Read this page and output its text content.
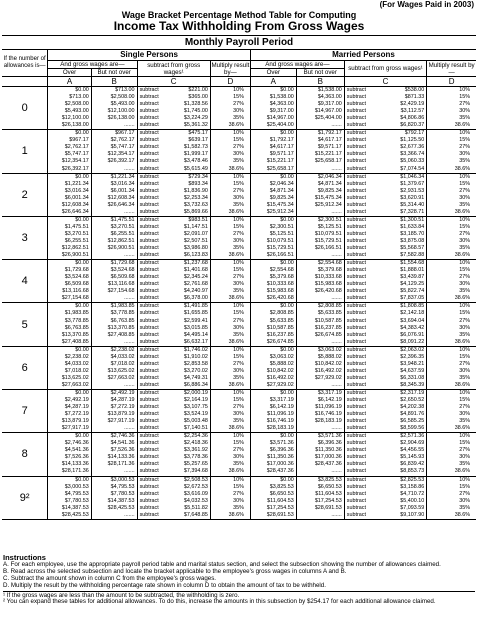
(For Wages Paid in 2003)
Wage Bracket Percentage Method Table for Computing
Income Tax Withholding From Gross Wages
Monthly Payroll Period
If the number of allowances is—	Single Persons					Married Persons				
	And gross wages are—		subtract from gross wages¹		Multiply result by—	And gross wages are—		subtract from gross wages¹		Multiply result by—
	Over	But not over				Over	But not over			
	A	B	C		D	A	B	C		D
0	$0.00	$713.00	subtract	$221.00	10%	$0.00	$1,538.00	subtract	$538.00	10%
	$713.00	$2,508.00	subtract	$365.00	15%	$1,538.00	$4,363.00	subtract	$871.33	15%
	$2,508.00	$5,493.00	subtract	$1,328.56	27%	$4,363.00	$9,317.00	subtract	$2,429.19	27%
	$5,493.00	$12,100.00	subtract	$1,745.00	30%	$9,317.00	$14,967.00	subtract	$3,112.57	30%
	$12,100.00	$26,138.00	subtract	$3,224.29	35%	$14,967.00	$25,404.00	subtract	$4,806.86	35%
	$26,138.00	.......	subtract	$5,361.32	38.6%	$25,404.00	.......	subtract	$6,820.37	38.6%
1	$0.00	$967.17	subtract	$475.17	10%	$0.00	$1,792.17	subtract	$792.17	10%
	$967.17	$2,762.17	subtract	$639.17	15%	$1,792.17	$4,617.17	subtract	$1,125.50	15%
	$2,762.17	$5,747.17	subtract	$1,582.73	27%	$4,617.17	$9,571.17	subtract	$2,677.36	27%
	$5,747.17	$12,354.17	subtract	$1,999.17	30%	$9,571.17	$15,221.17	subtract	$3,366.74	30%
	$12,354.17	$26,392.17	subtract	$3,478.46	35%	$15,221.17	$25,658.17	subtract	$5,060.33	35%
	$26,392.17	.......	subtract	$5,615.49	38.6%	$25,658.17	.......	subtract	$7,074.54	38.6%
2	$0.00	$1,221.34	subtract	$729.34	10%	$0.00	$2,046.34	subtract	$1,046.34	10%
	$1,221.34	$3,016.34	subtract	$893.34	15%	$2,046.34	$4,871.34	subtract	$1,379.67	15%
	$3,016.34	$6,001.34	subtract	$1,836.90	27%	$4,871.34	$9,825.34	subtract	$2,931.53	27%
	$6,001.34	$12,608.34	subtract	$2,253.34	30%	$9,825.34	$15,475.34	subtract	$3,620.91	30%
	$12,608.34	$26,646.34	subtract	$3,732.63	35%	$15,475.34	$25,912.34	subtract	$5,314.40	35%
	$26,646.34	.......	subtract	$5,869.66	38.6%	$25,912.34	.......	subtract	$7,328.71	38.6%
3	$0.00	$1,475.51	subtract	$983.51	10%	$0.00	$2,300.51	subtract	$1,300.51	10%
	$1,475.51	$3,270.51	subtract	$1,147.51	15%	$2,300.51	$5,125.51	subtract	$1,633.84	15%
	$3,270.51	$6,255.51	subtract	$2,091.07	27%	$5,125.51	$10,079.51	subtract	$3,185.70	27%
	$6,255.51	$12,862.51	subtract	$2,507.51	30%	$10,079.51	$15,729.51	subtract	$3,875.08	30%
	$12,862.51	$26,900.51	subtract	$3,986.80	35%	$15,729.51	$26,166.51	subtract	$5,568.57	35%
	$26,900.51	.......	subtract	$6,123.83	38.6%	$26,166.51	.......	subtract	$7,582.88	38.6%
4	$0.00	$1,729.68	subtract	$1,237.68	10%	$0.00	$2,554.68	subtract	$1,554.68	10%
	$1,729.68	$3,524.68	subtract	$1,401.68	15%	$2,554.68	$5,379.68	subtract	$1,888.01	15%
	$3,524.68	$6,509.68	subtract	$2,345.24	27%	$5,379.68	$10,333.68	subtract	$3,439.87	27%
	$6,509.68	$13,116.68	subtract	$2,761.68	30%	$10,333.68	$15,983.68	subtract	$4,129.25	30%
	$13,116.68	$27,154.68	subtract	$4,240.97	35%	$15,983.68	$26,420.68	subtract	$5,822.74	35%
	$27,154.68	.......	subtract	$6,378.00	38.6%	$26,420.68	.......	subtract	$7,837.05	38.6%
5	$0.00	$1,983.85	subtract	$1,491.85	10%	$0.00	$2,808.85	subtract	$1,808.85	10%
	$1,983.85	$3,778.85	subtract	$1,655.85	15%	$2,808.85	$5,633.85	subtract	$2,142.18	15%
	$3,778.85	$6,763.85	subtract	$2,599.41	27%	$5,633.85	$10,587.85	subtract	$3,694.04	27%
	$6,763.85	$13,370.85	subtract	$3,015.85	30%	$10,587.85	$16,237.85	subtract	$4,383.42	30%
	$13,370.85	$27,408.85	subtract	$4,495.14	35%	$16,237.85	$26,674.85	subtract	$6,076.91	35%
	$27,408.85	.......	subtract	$6,632.17	38.6%	$26,674.85	.......	subtract	$8,091.22	38.6%
6	$0.00	$2,238.02	subtract	$1,746.02	10%	$0.00	$3,063.02	subtract	$2,063.02	10%
	$2,238.02	$4,033.02	subtract	$1,910.02	15%	$3,063.02	$5,888.02	subtract	$2,396.35	15%
	$4,033.02	$7,018.02	subtract	$2,853.58	27%	$5,888.02	$10,842.02	subtract	$3,948.21	27%
	$7,018.02	$13,625.02	subtract	$3,270.02	30%	$10,842.02	$16,492.02	subtract	$4,637.59	30%
	$13,625.02	$27,663.02	subtract	$4,749.31	35%	$16,492.02	$27,929.02	subtract	$6,331.08	35%
	$27,663.02	.......	subtract	$6,886.34	38.6%	$27,929.02	.......	subtract	$8,345.39	38.6%
7	$0.00	$2,492.19	subtract	$2,000.19	10%	$0.00	$3,317.19	subtract	$2,317.19	10%
	$2,492.19	$4,287.19	subtract	$2,164.19	15%	$3,317.19	$6,142.19	subtract	$2,650.52	15%
	$4,287.19	$7,272.19	subtract	$3,107.75	27%	$6,142.19	$11,096.19	subtract	$4,202.38	27%
	$7,272.19	$13,879.19	subtract	$3,524.19	30%	$11,096.19	$16,746.19	subtract	$4,891.76	30%
	$13,879.19	$27,917.19	subtract	$5,003.48	35%	$16,746.19	$28,183.19	subtract	$6,585.25	35%
	$27,917.19	.......	subtract	$7,140.51	38.6%	$28,183.19	.......	subtract	$8,599.56	38.6%
8	$0.00	$2,746.36	subtract	$2,254.36	10%	$0.00	$3,571.36	subtract	$2,571.36	10%
	$2,746.36	$4,541.36	subtract	$2,418.36	15%	$3,571.36	$6,396.36	subtract	$2,904.69	15%
	$4,541.36	$7,526.36	subtract	$3,361.92	27%	$6,396.36	$11,350.36	subtract	$4,456.55	27%
	$7,526.36	$14,133.36	subtract	$3,778.36	30%	$11,350.36	$17,000.36	subtract	$5,145.93	30%
	$14,133.36	$28,171.36	subtract	$5,257.65	35%	$17,000.36	$28,437.36	subtract	$6,839.42	35%
	$28,171.36	.......	subtract	$7,394.68	38.6%	$28,437.36	.......	subtract	$8,853.73	38.6%
9²	$0.00	$3,000.53	subtract	$2,508.53	10%	$0.00	$3,825.53	subtract	$2,825.53	10%
	$3,000.53	$4,795.53	subtract	$2,672.53	15%	$3,825.53	$6,650.53	subtract	$3,158.86	15%
	$4,795.53	$7,780.53	subtract	$3,616.09	27%	$6,650.53	$11,604.53	subtract	$4,710.72	27%
	$7,780.53	$14,387.53	subtract	$4,032.53	30%	$11,604.53	$17,254.53	subtract	$5,400.10	30%
	$14,387.53	$28,425.53	subtract	$5,511.82	35%	$17,254.53	$28,691.53	subtract	$7,093.59	35%
	$28,425.53	.......	subtract	$7,648.85	38.6%	$28,691.53	.......	subtract	$9,107.90	38.6%
Instructions

A. For each employee, use the appropriate payroll period table and marital status section, and select the subsection showing the number of allowances claimed.

B. Read across the selected subsection and locate the bracket applicable to the employee's gross wages in columns A and B.

C. Subtract the amount shown in column C from the employee's gross wages.

D. Multiply the result by the withholding percentage rate shown in column D to obtain the amount of tax to be withheld.

¹ If the gross wages are less than the amount to be subtracted, the withholding is zero.

² You can expand these tables for additional allowances. To do this, increase the amounts in this subsection by $254.17 for each additional allowance claimed.
